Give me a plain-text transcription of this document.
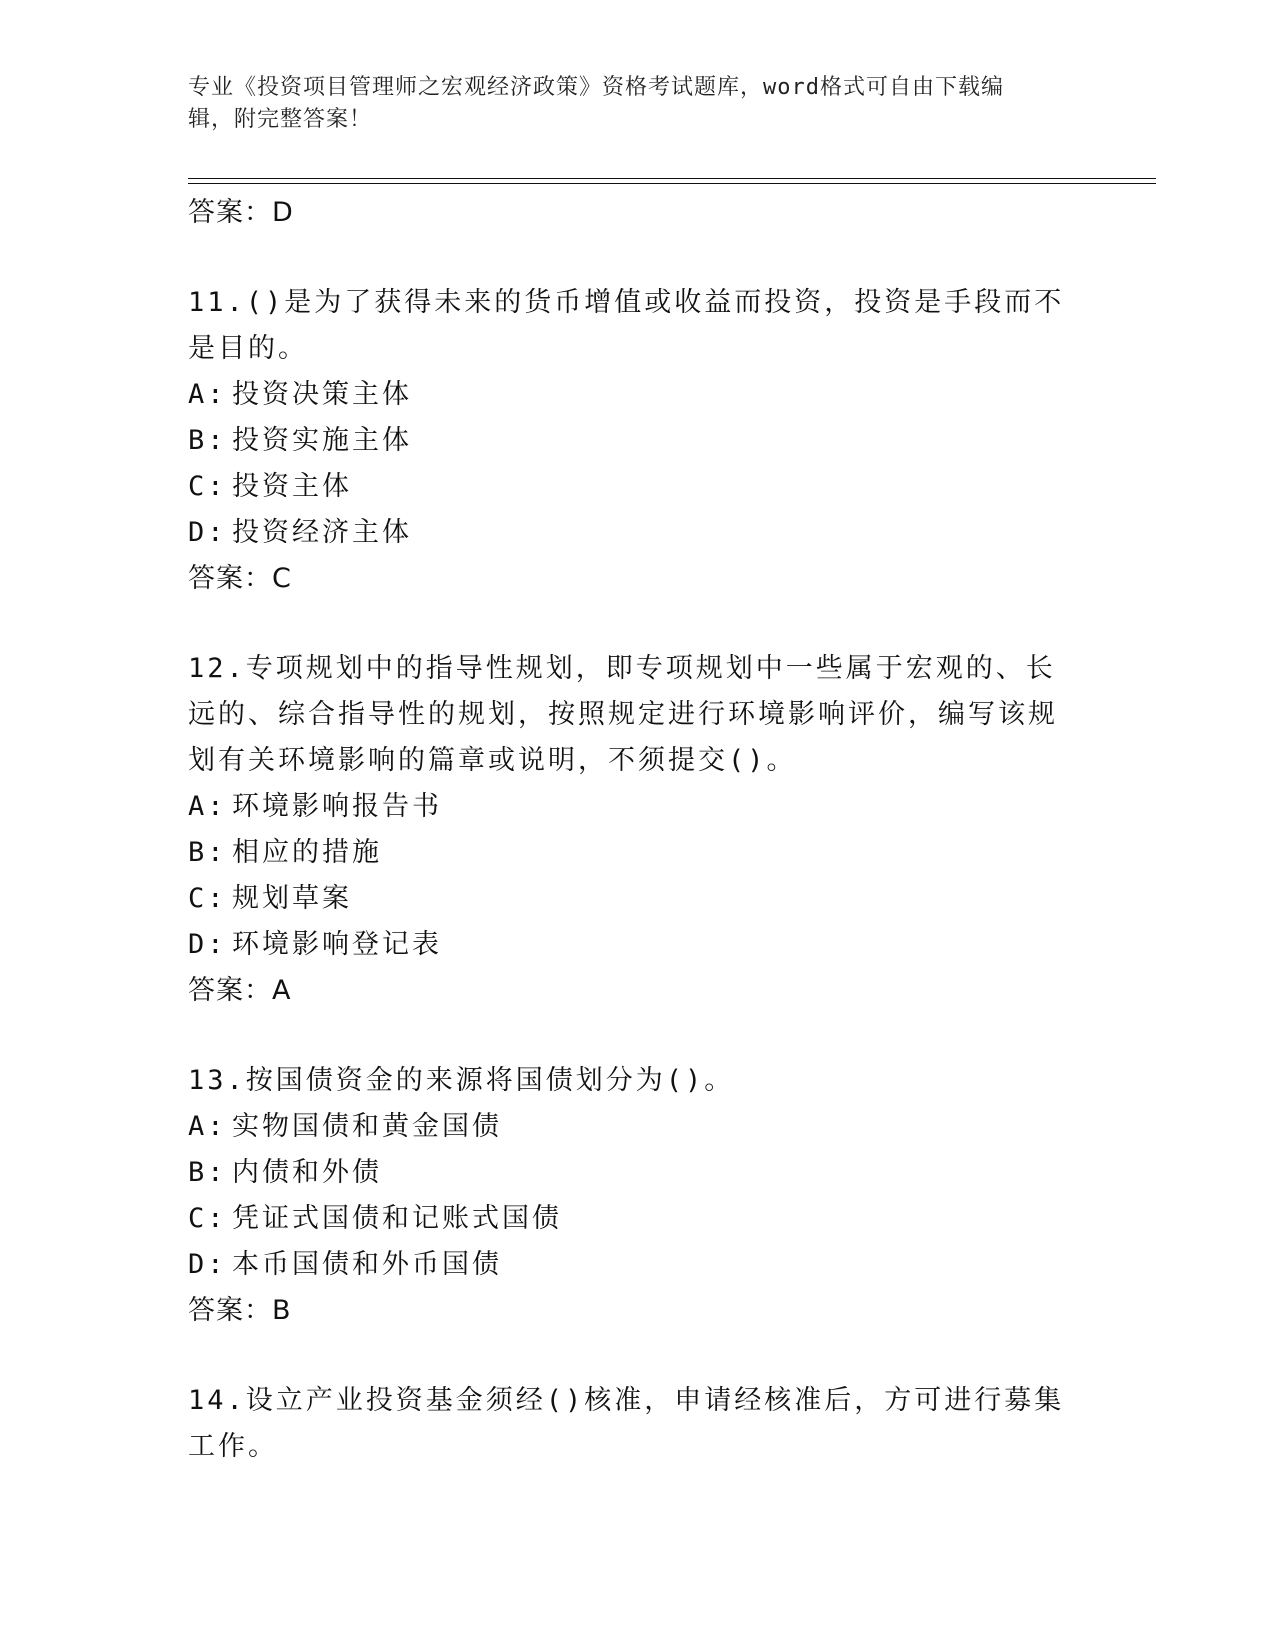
专业《投资项目管理师之宏观经济政策》资格考试题库，word格式可自由下载编
辑，附完整答案！

答案：D

11.()是为了获得未来的货币增值或收益而投资，投资是手段而不是目的。

A: 投资决策主体

B: 投资实施主体

C: 投资主体

D: 投资经济主体

答案：C

12.专项规划中的指导性规划，即专项规划中一些属于宏观的、长远的、综合指导性的规划，按照规定进行环境影响评价，编写该规划有关环境影响的篇章或说明，不须提交()。

A: 环境影响报告书

B: 相应的措施

C: 规划草案

D: 环境影响登记表

答案：A

13.按国债资金的来源将国债划分为()。

A: 实物国债和黄金国债

B: 内债和外债

C: 凭证式国债和记账式国债

D: 本币国债和外币国债

答案：B

14.设立产业投资基金须经()核准，申请经核准后，方可进行募集工作。
